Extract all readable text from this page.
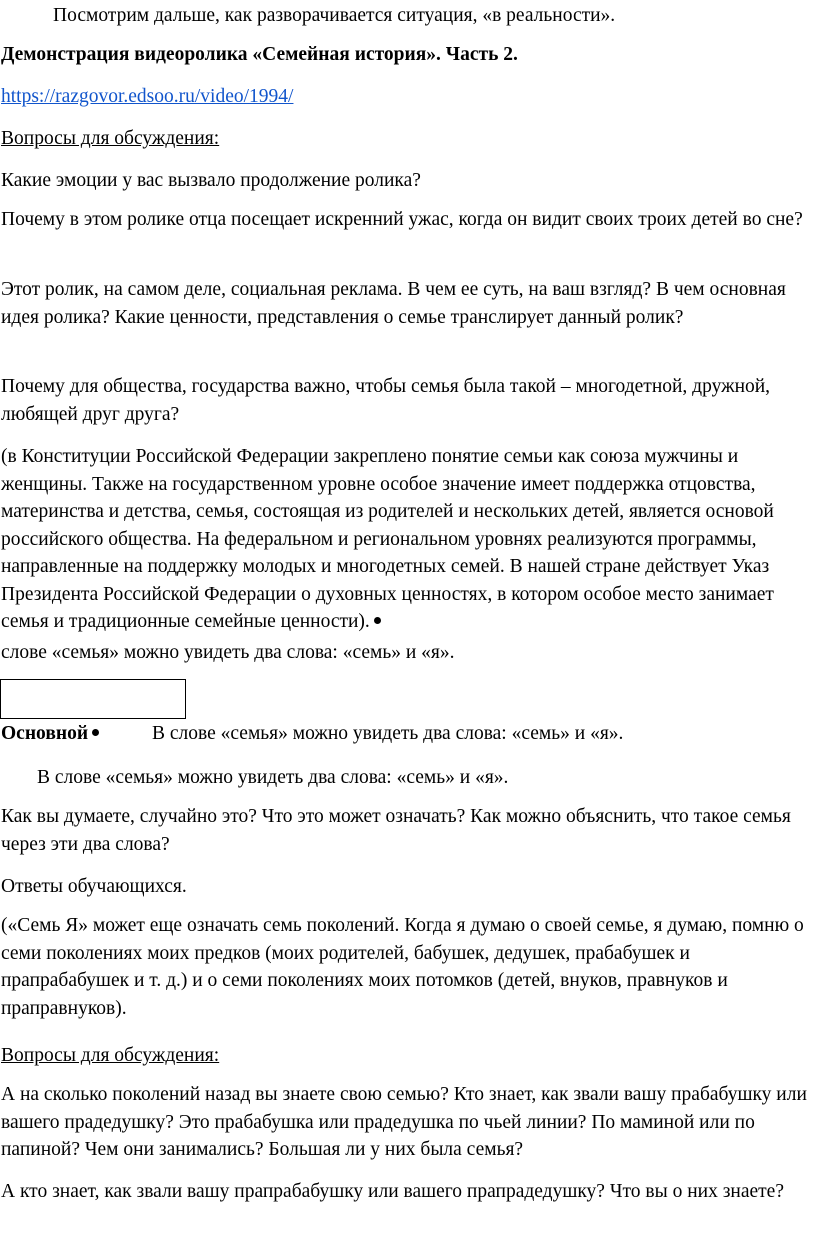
Посмотрим дальше, как разворачивается ситуация, «в реальности».

Демонстрация видеоролика «Семейная история». Часть 2.

https://razgovor.edsoo.ru/video/1994/

Вопросы для обсуждения:

Какие эмоции у вас вызвало продолжение ролика?

Почему в этом ролике отца посещает искренний ужас, когда он видит своих троих детей во сне?

Этот ролик, на самом деле, социальная реклама. В чем ее суть, на ваш взгляд? В чем основная идея ролика? Какие ценности, представления о семье транслирует данный ролик?

Почему для общества, государства важно, чтобы семья была такой – многодетной, дружной, любящей друг друга?

(в Конституции Российской Федерации закреплено понятие семьи как союза мужчины и женщины. Также на государственном уровне особое значение имеет поддержка отцовства, материнства и детства, семья, состоящая из родителей и нескольких детей, является основой российского общества. На федеральном и региональном уровнях реализуются программы, направленные на поддержку молодых и многодетных семей. В нашей стране действует Указ Президента Российской Федерации о духовных ценностях, в котором особое место занимает семья и традиционные семейные ценности).

слове «семья» можно увидеть два слова: «семь» и «я».

Основной	В слове «семья» можно увидеть два слова: «семь» и «я».

В слове «семья» можно увидеть два слова: «семь» и «я».

Как вы думаете, случайно это? Что это может означать? Как можно объяснить, что такое семья через эти два слова?

Ответы обучающихся.

(«Семь Я» может еще означать семь поколений. Когда я думаю о своей семье, я думаю, помню о семи поколениях моих предков (моих родителей, бабушек, дедушек, прабабушек и прапрабабушек и т. д.) и о семи поколениях моих потомков (детей, внуков, правнуков и праправнуков).

Вопросы для обсуждения:

А на сколько поколений назад вы знаете свою семью? Кто знает, как звали вашу прабабушку или вашего прадедушку? Это прабабушка или прадедушка по чьей линии? По маминой или по папиной? Чем они занимались? Большая ли у них была семья?

А кто знает, как звали вашу прапрабабушку или вашего прапрадедушку? Что вы о них знаете?
